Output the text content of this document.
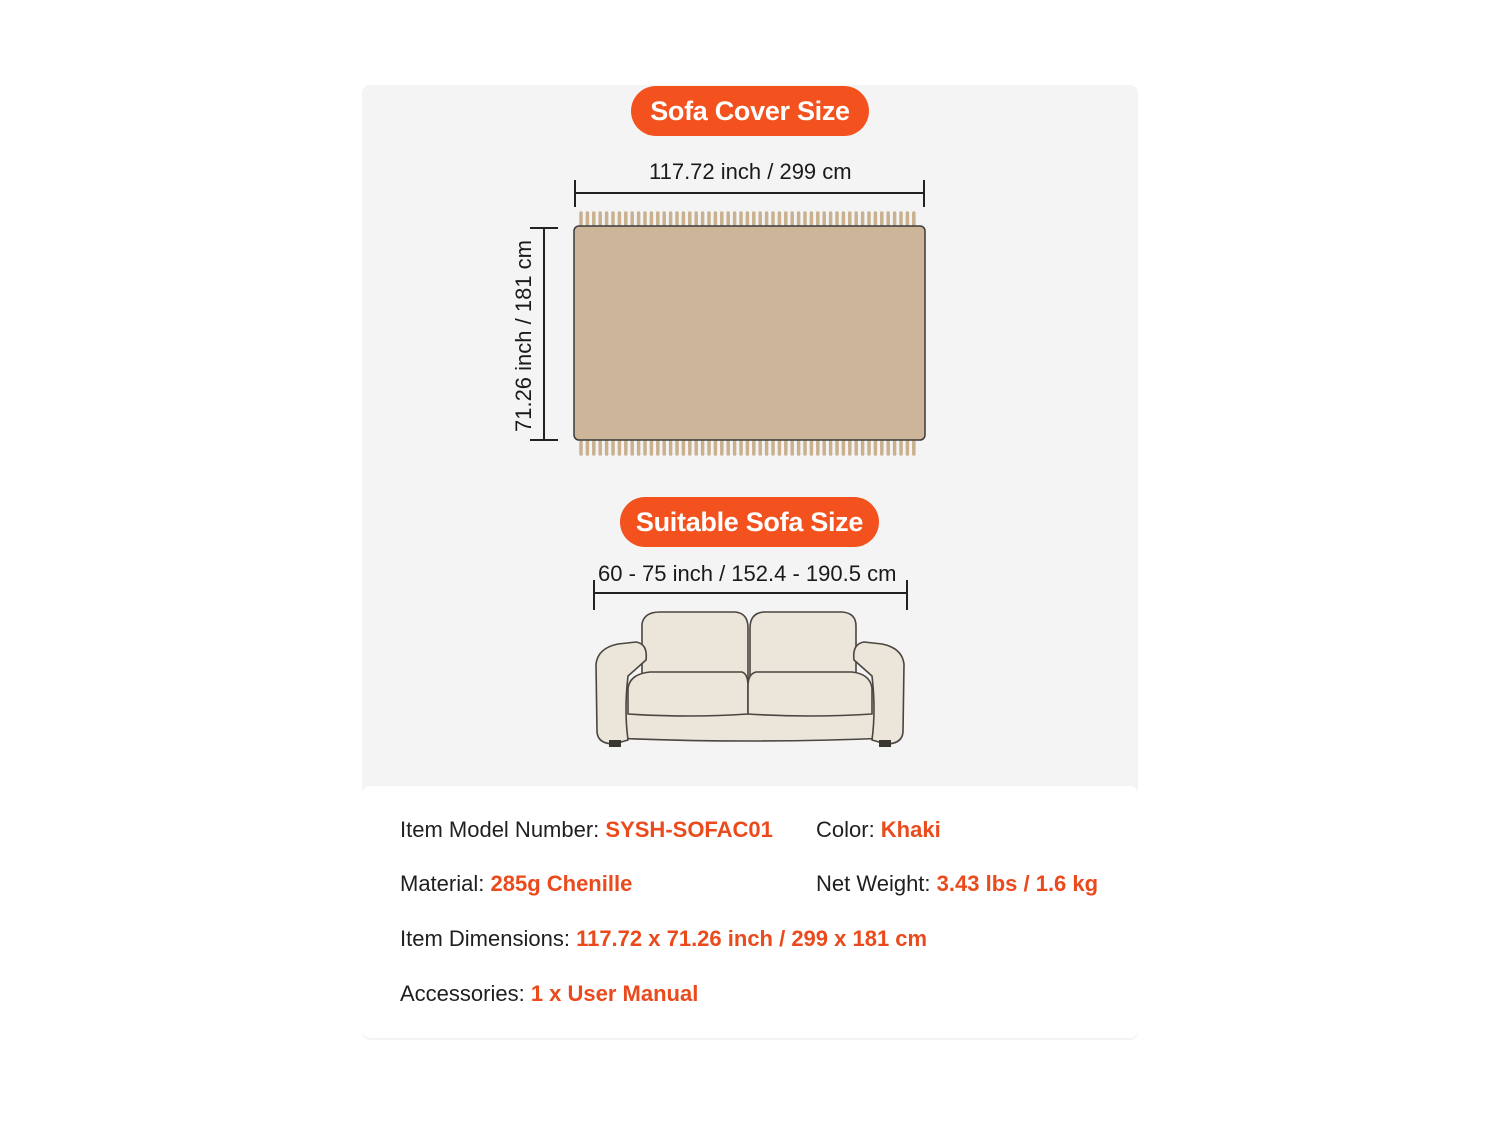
Sofa Cover Size
117.72 inch / 299 cm
71.26 inch / 181 cm
Suitable Sofa Size
60 - 75 inch / 152.4 - 190.5 cm
Item Model Number: SYSH-SOFAC01 Color: Khaki
Material: 285g Chenille	Net Weight: 3.43 lbs / 1.6 kg
Item Dimensions: 117.72 x 71.26 inch / 299 x 181 cm
Accessories: 1 x User Manual
